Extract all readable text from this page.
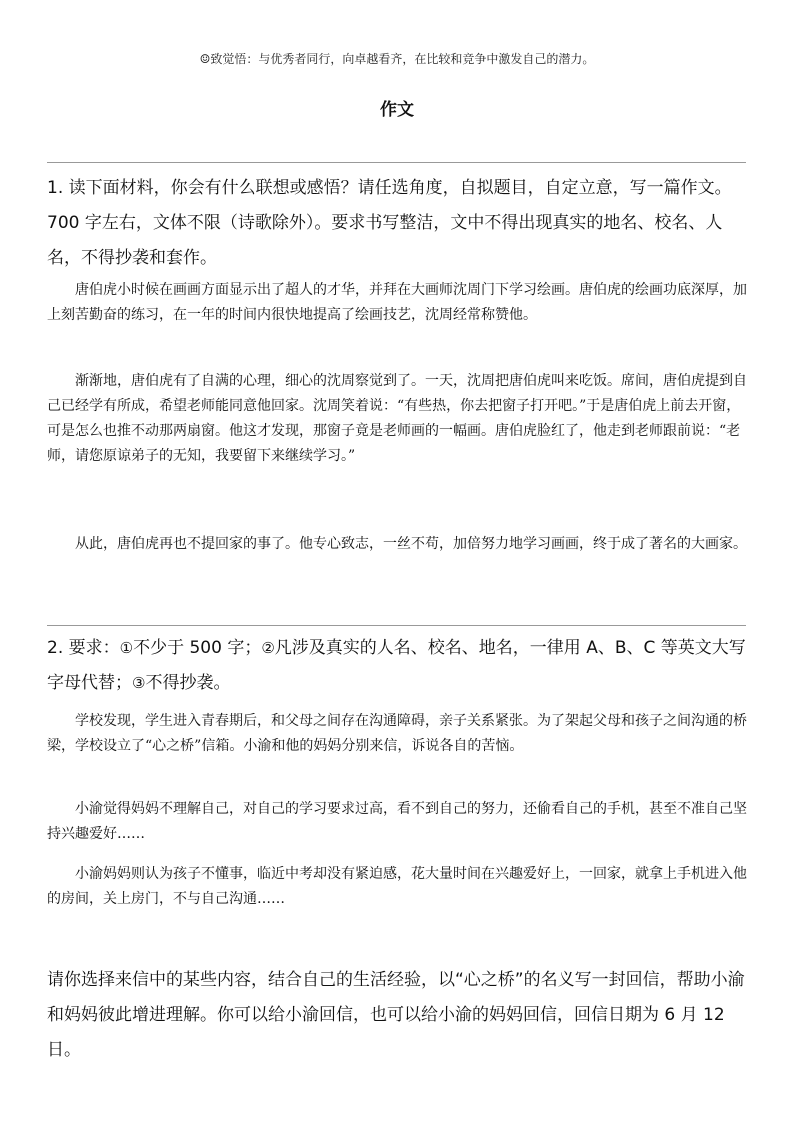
☺致觉悟：与优秀者同行，向卓越看齐，在比较和竞争中激发自己的潜力。
作文
1. 读下面材料，你会有什么联想或感悟？请任选角度，自拟题目，自定立意，写一篇作文。700 字左右，文体不限（诗歌除外）。要求书写整洁，文中不得出现真实的地名、校名、人名，不得抄袭和套作。
唐伯虎小时候在画画方面显示出了超人的才华，并拜在大画师沈周门下学习绘画。唐伯虎的绘画功底深厚，加上刻苦勤奋的练习，在一年的时间内很快地提高了绘画技艺，沈周经常称赞他。
渐渐地，唐伯虎有了自满的心理，细心的沈周察觉到了。一天，沈周把唐伯虎叫来吃饭。席间，唐伯虎提到自己已经学有所成，希望老师能同意他回家。沈周笑着说：“有些热，你去把窗子打开吧。”于是唐伯虎上前去开窗，可是怎么也推不动那两扇窗。他这才发现，那窗子竟是老师画的一幅画。唐伯虎脸红了，他走到老师跟前说：“老师，请您原谅弟子的无知，我要留下来继续学习。”
从此，唐伯虎再也不提回家的事了。他专心致志，一丝不苟，加倍努力地学习画画，终于成了著名的大画家。
2. 要求：①不少于 500 字；②凡涉及真实的人名、校名、地名，一律用 A、B、C 等英文大写字母代替；③不得抄袭。
学校发现，学生进入青春期后，和父母之间存在沟通障碍，亲子关系紧张。为了架起父母和孩子之间沟通的桥梁，学校设立了“心之桥”信箱。小渝和他的妈妈分别来信，诉说各自的苦恼。
小渝觉得妈妈不理解自己，对自己的学习要求过高，看不到自己的努力，还偷看自己的手机，甚至不准自己坚持兴趣爱好……
小渝妈妈则认为孩子不懂事，临近中考却没有紧迫感，花大量时间在兴趣爱好上，一回家，就拿上手机进入他的房间，关上房门，不与自己沟通……
请你选择来信中的某些内容，结合自己的生活经验，以“心之桥”的名义写一封回信，帮助小渝和妈妈彼此增进理解。你可以给小渝回信，也可以给小渝的妈妈回信，回信日期为 6 月 12 日。
